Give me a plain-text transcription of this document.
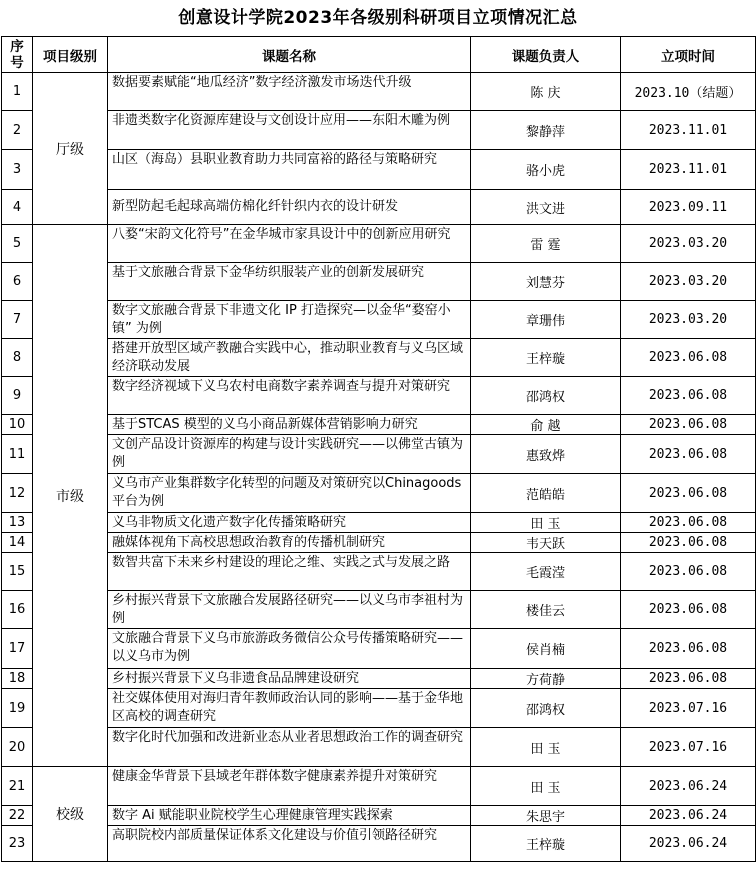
创意设计学院2023年各级别科研项目立项情况汇总
序
号	项目级别	课题名称	课题负责人	立项时间
1	厅级	数据要素赋能“地瓜经济”数字经济激发市场迭代升级	陈 庆	2023.10（结题）
2		非遗类数字化资源库建设与文创设计应用——东阳木雕为例	黎静萍	2023.11.01
3		山区（海岛）县职业教育助力共同富裕的路径与策略研究	骆小虎	2023.11.01
4		新型防起毛起球高端仿棉化纤针织内衣的设计研发	洪文进	2023.09.11
5	市级	八婺“宋韵文化符号”在金华城市家具设计中的创新应用研究	雷 霆	2023.03.20
6		基于文旅融合背景下金华纺织服装产业的创新发展研究	刘慧芬	2023.03.20
7		数字文旅融合背景下非遗文化 IP 打造探究—以金华“婺窑小镇” 为例	章珊伟	2023.03.20
8		搭建开放型区域产教融合实践中心，推动职业教育与义乌区域经济联动发展	王梓璇	2023.06.08
9		数字经济视域下义乌农村电商数字素养调查与提升对策研究	邵鸿权	2023.06.08
10		基于STCAS 模型的义乌小商品新媒体营销影响力研究	俞 越	2023.06.08
11		文创产品设计资源库的构建与设计实践研究——以佛堂古镇为例	惠致烨	2023.06.08
12		义乌市产业集群数字化转型的问题及对策研究以Chinagoods 平台为例	范皓皓	2023.06.08
13		义乌非物质文化遗产数字化传播策略研究	田 玉	2023.06.08
14		融媒体视角下高校思想政治教育的传播机制研究	韦天跃	2023.06.08
15		数智共富下未来乡村建设的理论之维、实践之式与发展之路	毛霞滢	2023.06.08
16		乡村振兴背景下文旅融合发展路径研究——以义乌市李祖村为例	楼佳云	2023.06.08
17		文旅融合背景下义乌市旅游政务微信公众号传播策略研究——以义乌市为例	侯肖楠	2023.06.08
18		乡村振兴背景下义乌非遗食品品牌建设研究	方荷静	2023.06.08
19		社交媒体使用对海归青年教师政治认同的影响——基于金华地区高校的调查研究	邵鸿权	2023.07.16
20		数字化时代加强和改进新业态从业者思想政治工作的调查研究	田 玉	2023.07.16
21	校级	健康金华背景下县域老年群体数字健康素养提升对策研究	田 玉	2023.06.24
22		数字 Ai 赋能职业院校学生心理健康管理实践探索	朱思宇	2023.06.24
23		高职院校内部质量保证体系文化建设与价值引领路径研究	王梓璇	2023.06.24
